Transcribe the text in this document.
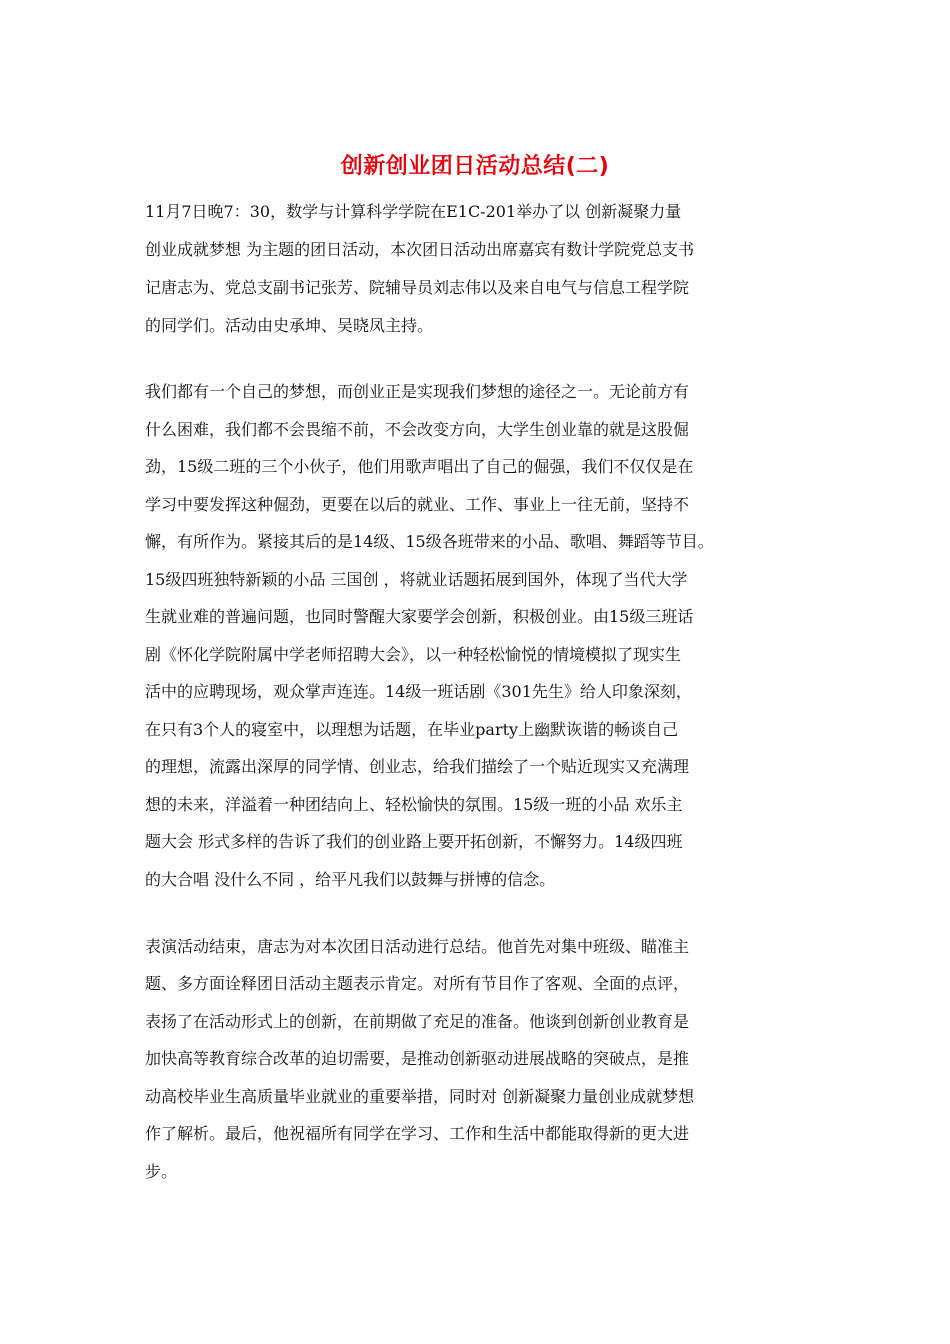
创新创业团日活动总结(二)
11月7日晚7：30，数学与计算科学学院在E1C-201举办了以 创新凝聚力量
创业成就梦想 为主题的团日活动，本次团日活动出席嘉宾有数计学院党总支书
记唐志为、党总支副书记张芳、院辅导员刘志伟以及来自电气与信息工程学院
的同学们。活动由史承坤、吴晓凤主持。
我们都有一个自己的梦想，而创业正是实现我们梦想的途径之一。无论前方有
什么困难，我们都不会畏缩不前，不会改变方向，大学生创业靠的就是这股倔
劲，15级二班的三个小伙子，他们用歌声唱出了自己的倔强，我们不仅仅是在
学习中要发挥这种倔劲，更要在以后的就业、工作、事业上一往无前，坚持不
懈，有所作为。紧接其后的是14级、15级各班带来的小品、歌唱、舞蹈等节目。
15级四班独特新颖的小品 三国创 ，将就业话题拓展到国外，体现了当代大学
生就业难的普遍问题，也同时警醒大家要学会创新，积极创业。由15级三班话
剧《怀化学院附属中学老师招聘大会》，以一种轻松愉悦的情境模拟了现实生
活中的应聘现场，观众掌声连连。14级一班话剧《301先生》给人印象深刻，
在只有3个人的寝室中，以理想为话题，在毕业party上幽默诙谐的畅谈自己
的理想，流露出深厚的同学情、创业志，给我们描绘了一个贴近现实又充满理
想的未来，洋溢着一种团结向上、轻松愉快的氛围。15级一班的小品 欢乐主
题大会 形式多样的告诉了我们的创业路上要开拓创新，不懈努力。14级四班
的大合唱 没什么不同 ，给平凡我们以鼓舞与拼博的信念。
表演活动结束，唐志为对本次团日活动进行总结。他首先对集中班级、瞄准主
题、多方面诠释团日活动主题表示肯定。对所有节目作了客观、全面的点评，
表扬了在活动形式上的创新，在前期做了充足的准备。他谈到创新创业教育是
加快高等教育综合改革的迫切需要，是推动创新驱动进展战略的突破点，是推
动高校毕业生高质量毕业就业的重要举措，同时对 创新凝聚力量创业成就梦想
作了解析。最后，他祝福所有同学在学习、工作和生活中都能取得新的更大进
步。
